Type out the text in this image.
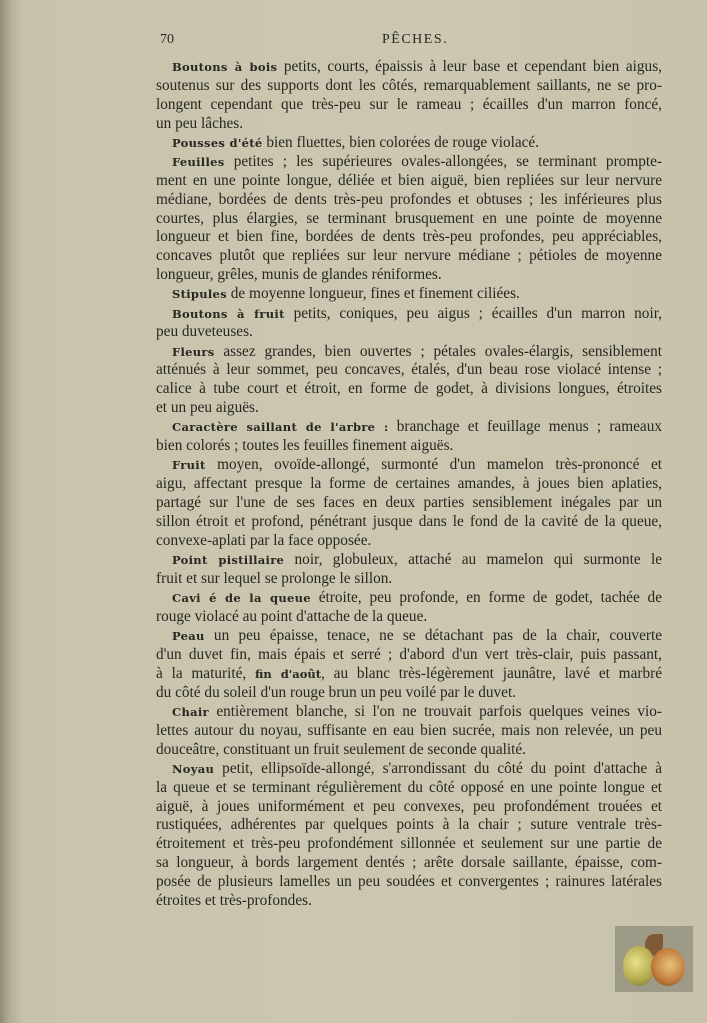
70	PÊCHES.
Boutons à bois petits, courts, épaissis à leur base et cependant bien aigus,
soutenus sur des supports dont les côtés, remarquablement saillants, ne se pro-
longent cependant que très-peu sur le rameau ; écailles d'un marron foncé,
un peu lâches.
Pousses d'été bien fluettes, bien colorées de rouge violacé.
Feuilles petites ; les supérieures ovales-allongées, se terminant prompte-
ment en une pointe longue, déliée et bien aiguë, bien repliées sur leur nervure
médiane, bordées de dents très-peu profondes et obtuses ; les inférieures plus
courtes, plus élargies, se terminant brusquement en une pointe de moyenne
longueur et bien fine, bordées de dents très-peu profondes, peu appréciables,
concaves plutôt que repliées sur leur nervure médiane ; pétioles de moyenne
longueur, grêles, munis de glandes réniformes.
Stipules de moyenne longueur, fines et finement ciliées.
Boutons à fruit petits, coniques, peu aigus ; écailles d'un marron noir,
peu duveteuses.
Fleurs assez grandes, bien ouvertes ; pétales ovales-élargis, sensiblement
atténués à leur sommet, peu concaves, étalés, d'un beau rose violacé intense ;
calice à tube court et étroit, en forme de godet, à divisions longues, étroites
et un peu aiguës.
Caractère saillant de l'arbre : branchage et feuillage menus ; rameaux
bien colorés ; toutes les feuilles finement aiguës.
Fruit moyen, ovoïde-allongé, surmonté d'un mamelon très-prononcé et
aigu, affectant presque la forme de certaines amandes, à joues bien aplaties,
partagé sur l'une de ses faces en deux parties sensiblement inégales par un
sillon étroit et profond, pénétrant jusque dans le fond de la cavité de la queue,
convexe-aplati par la face opposée.
Point pistillaire noir, globuleux, attaché au mamelon qui surmonte le
fruit et sur lequel se prolonge le sillon.
Cavi é de la queue étroite, peu profonde, en forme de godet, tachée de
rouge violacé au point d'attache de la queue.
Peau un peu épaisse, tenace, ne se détachant pas de la chair, couverte
d'un duvet fin, mais épais et serré ; d'abord d'un vert très-clair, puis passant,
à la maturité, fin d'août, au blanc très-légèrement jaunâtre, lavé et marbré
du côté du soleil d'un rouge brun un peu voilé par le duvet.
Chair entièrement blanche, si l'on ne trouvait parfois quelques veines vio-
lettes autour du noyau, suffisante en eau bien sucrée, mais non relevée, un peu
douceâtre, constituant un fruit seulement de seconde qualité.
Noyau petit, ellipsoïde-allongé, s'arrondissant du côté du point d'attache à
la queue et se terminant régulièrement du côté opposé en une pointe longue et
aiguë, à joues uniformément et peu convexes, peu profondément trouées et
rustiquées, adhérentes par quelques points à la chair ; suture ventrale très-
étroitement et très-peu profondément sillonnée et seulement sur une partie de
sa longueur, à bords largement dentés ; arête dorsale saillante, épaisse, com-
posée de plusieurs lamelles un peu soudées et convergentes ; rainures latérales
étroites et très-profondes.
